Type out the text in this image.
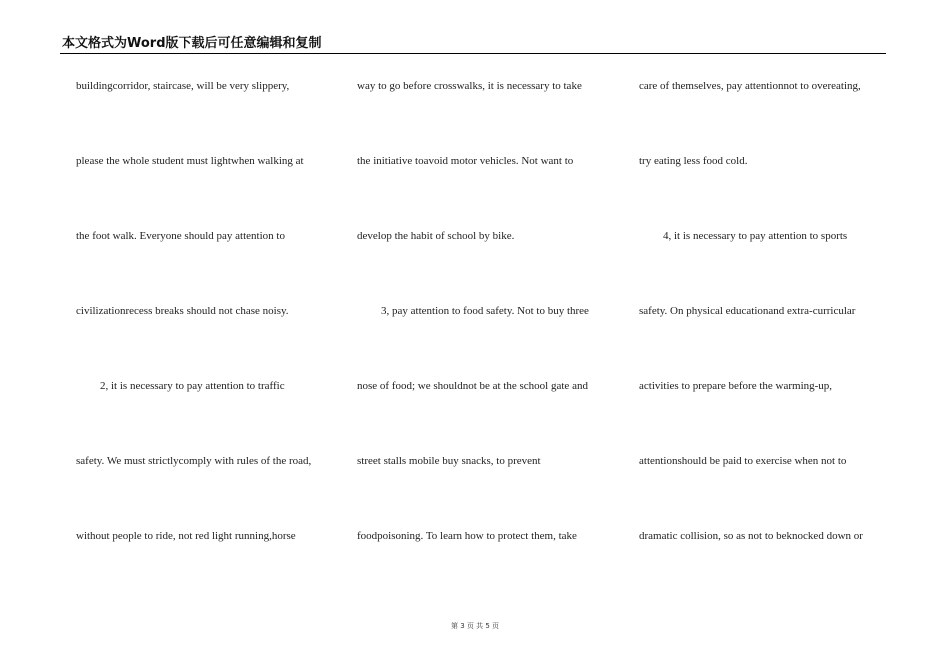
本文格式为Word版下载后可任意编辑和复制
buildingcorridor, staircase, will be very slippery,
please the whole student must lightwhen walking at
the foot walk. Everyone should pay attention to
civilizationrecess breaks should not chase noisy.
2, it is necessary to pay attention to traffic
safety. We must strictlycomply with rules of the road,
without people to ride, not red light running,horse
way to go before crosswalks, it is necessary to take
the initiative toavoid motor vehicles. Not want to
develop the habit of school by bike.
3, pay attention to food safety. Not to buy three
nose of food; we shouldnot be at the school gate and
street stalls mobile buy snacks, to prevent
foodpoisoning. To learn how to protect them, take
care of themselves, pay attentionnot to overeating,
try eating less food cold.
4, it is necessary to pay attention to sports
safety. On physical educationand extra-curricular
activities to prepare before the warming-up,
attentionshould be paid to exercise when not to
dramatic collision, so as not to beknocked down or
第 3 页 共 5 页
